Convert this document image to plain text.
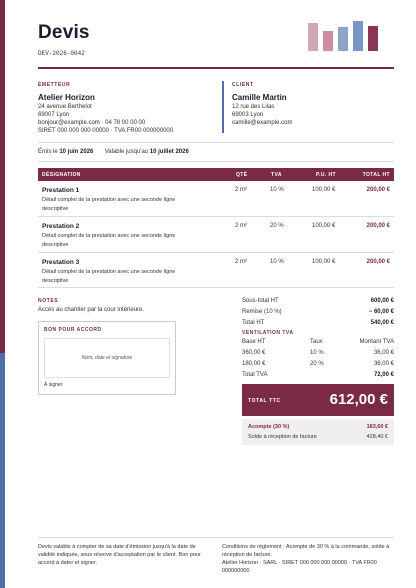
Devis
DEV-2026-0042
ÉMETTEUR
Atelier Horizon
24 avenue Berthelot
69007 Lyon
bonjour@example.com · 04 78 00 00 00
SIRET 000 000 000 00000 · TVA FR00 000000000
CLIENT
Camille Martin
12 rue des Lilas
69003 Lyon
camille@example.com
Émis le 10 juin 2026 Valable jusqu'au 10 juillet 2026
DÉSIGNATION	QTÉ	TVA	P.U. HT	TOTAL HT
Prestation 1
Détail complet de la prestation avec une seconde ligne descriptive
2 m²	10 %	100,00 €	200,00 €
Prestation 2
Détail complet de la prestation avec une seconde ligne descriptive
2 m²	20 %	100,00 €	200,00 €
Prestation 3
Détail complet de la prestation avec une seconde ligne descriptive
2 m²	10 %	100,00 €	200,00 €
NOTES
Accès au chantier par la cour intérieure.
BON POUR ACCORD
Nom, date et signature
À signer
Sous-total HT	600,00 €
Remise (10 %)	− 60,00 €
Total HT	540,00 €
VENTILATION TVA
Base HT	Taux	Montant TVA
360,00 €	10 %	36,00 €
180,00 €	20 %	36,00 €
Total TVA	72,00 €
TOTAL TTC	612,00 €
Acompte (30 %)	183,60 €
Solde à réception de facture	428,40 €
Devis valable à compter de sa date d'émission jusqu'à la date de validité indiquée, sous réserve d'acceptation par le client. Bon pour accord à dater et signer.
Conditions de règlement : Acompte de 30 % à la commande, solde à réception de facture.
Atelier Horizon · SARL · SIRET 000 000 000 00000 · TVA FR00 000000000
